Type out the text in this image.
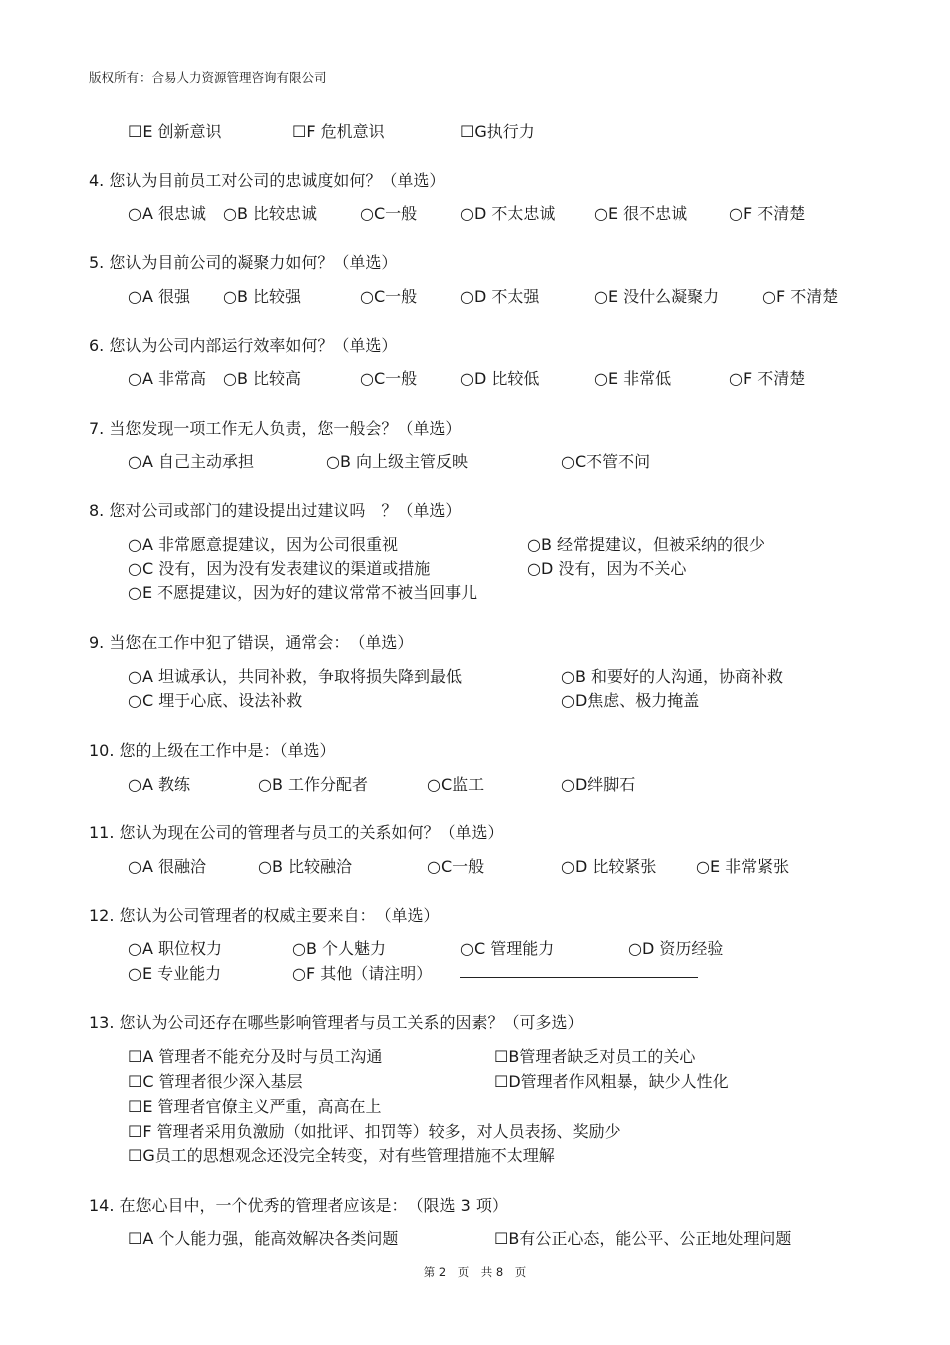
版权所有：合易人力资源管理咨询有限公司
☐E 创新意识	☐F 危机意识	☐G执行力
4. 您认为目前员工对公司的忠诚度如何？（单选）
○A 很忠诚 ○B 比较忠诚	○C一般	○D 不太忠诚 ○E 很不忠诚	○F 不清楚
5. 您认为目前公司的凝聚力如何？（单选）
○A 很强 ○B 比较强	○C一般	○D 不太强	○E 没什么凝聚力	○F 不清楚
6. 您认为公司内部运行效率如何？（单选）
○A 非常高 ○B 比较高	○C一般	○D 比较低	○E 非常低	○F 不清楚
7. 当您发现一项工作无人负责，您一般会？（单选）
○A 自己主动承担	○B 向上级主管反映	○C不管不问
8. 您对公司或部门的建设提出过建议吗　？（单选）
○A 非常愿意提建议，因为公司很重视	○B 经常提建议，但被采纳的很少
○C 没有，因为没有发表建议的渠道或措施	○D 没有，因为不关心
○E 不愿提建议，因为好的建议常常不被当回事儿
9. 当您在工作中犯了错误，通常会：　（单选）
○A 坦诚承认，共同补救，争取将损失降到最低	○B 和要好的人沟通，协商补救
○C 埋于心底、设法补救	○D焦虑、极力掩盖
10. 您的上级在工作中是：（单选）
○A 教练	○B 工作分配者	○C监工	○D绊脚石
11. 您认为现在公司的管理者与员工的关系如何？（单选）
○A 很融洽	○B 比较融洽	○C一般	○D 比较紧张 ○E 非常紧张
12. 您认为公司管理者的权威主要来自：　（单选）
○A 职位权力	○B 个人魅力	○C 管理能力	○D 资历经验
○E 专业能力	○F 其他（请注明）
13. 您认为公司还存在哪些影响管理者与员工关系的因素？（可多选）
☐A 管理者不能充分及时与员工沟通	☐B管理者缺乏对员工的关心
☐C 管理者很少深入基层	☐D管理者作风粗暴，缺少人性化
☐E 管理者官僚主义严重，高高在上
☐F 管理者采用负激励（如批评、扣罚等）较多，对人员表扬、奖励少
☐G员工的思想观念还没完全转变，对有些管理措施不太理解
14. 在您心目中，一个优秀的管理者应该是：　（限选 3 项）
☐A 个人能力强，能高效解决各类问题	☐B有公正心态，能公平、公正地处理问题
第 2　页　共 8　页
